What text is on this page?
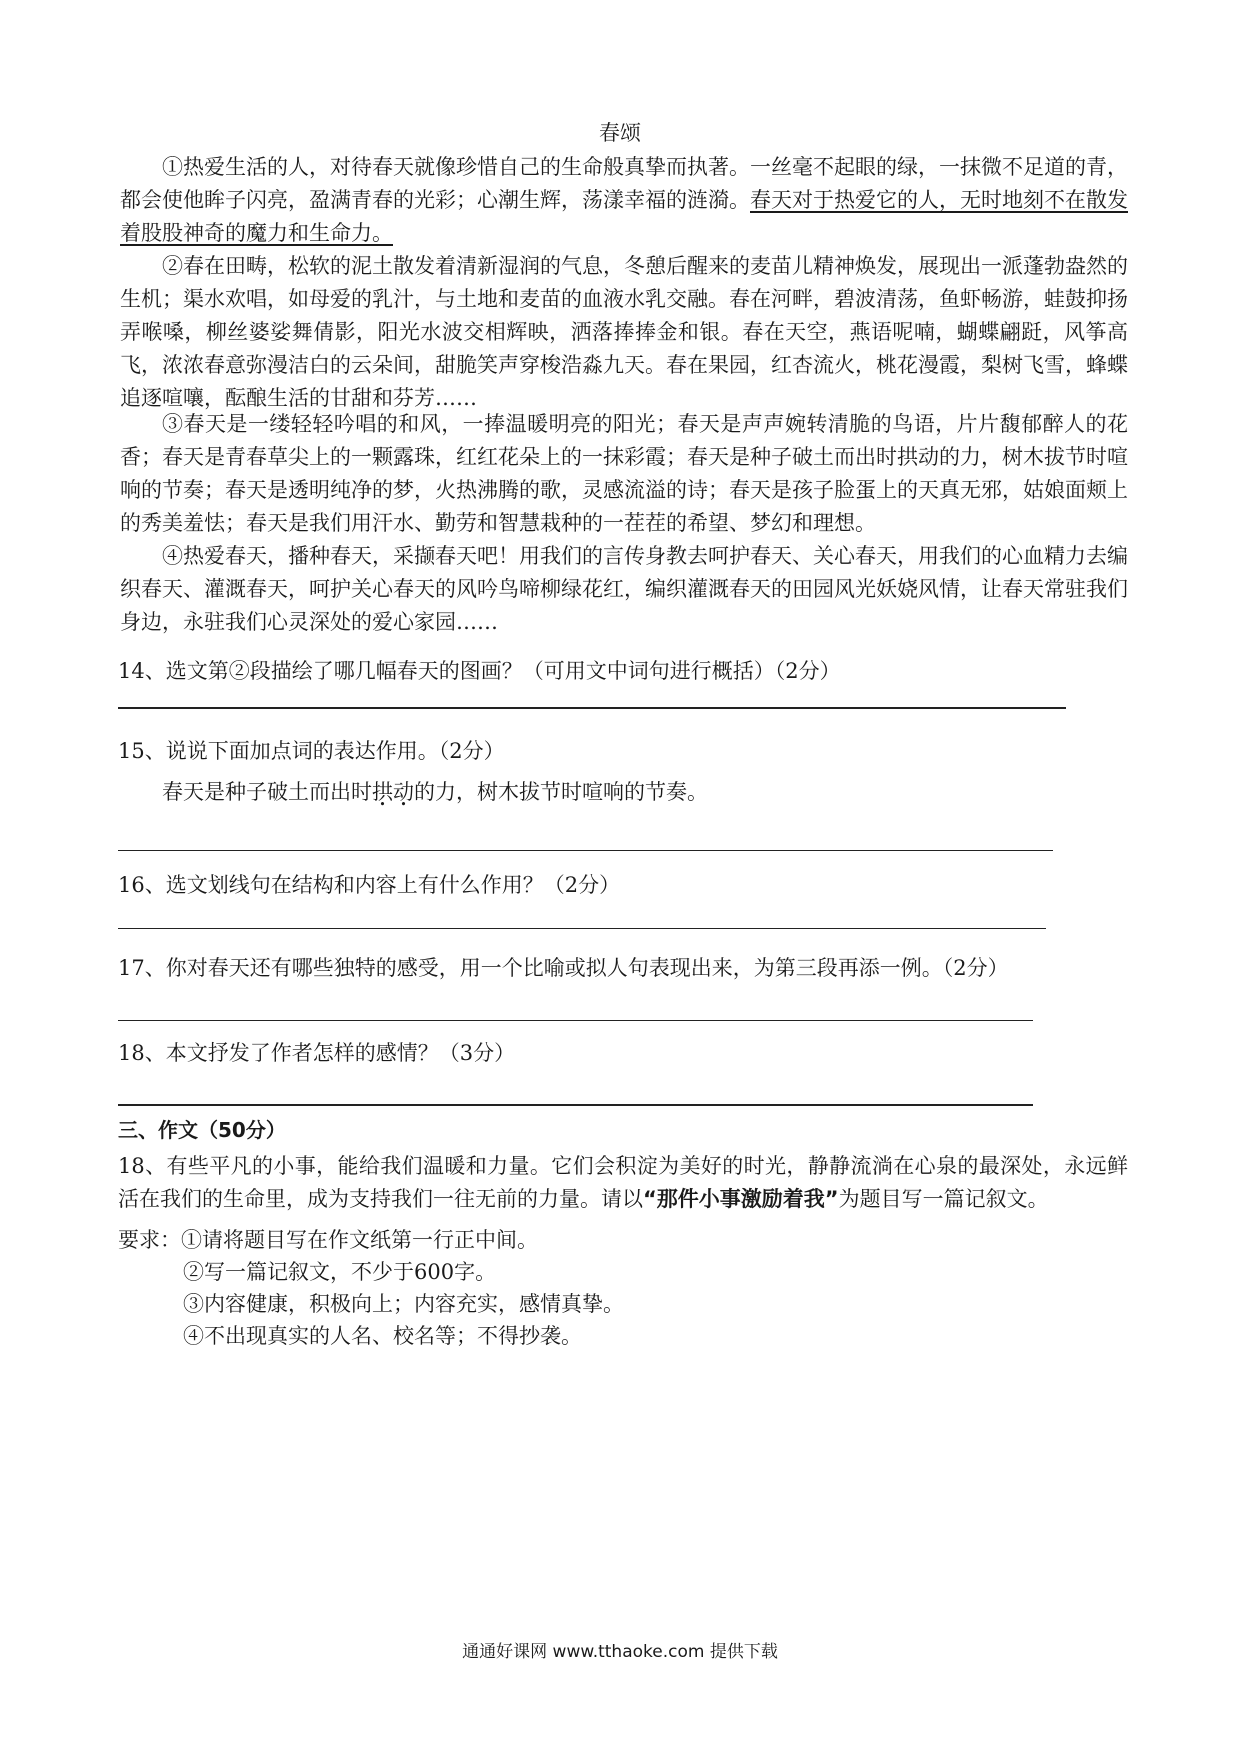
春颂

①热爱生活的人，对待春天就像珍惜自己的生命般真挚而执著。一丝毫不起眼的绿，一抹微不足道的青，都会使他眸子闪亮，盈满青春的光彩；心潮生辉，荡漾幸福的涟漪。春天对于热爱它的人，无时地刻不在散发着股股神奇的魔力和生命力。

②春在田畴，松软的泥土散发着清新湿润的气息，冬憩后醒来的麦苗儿精神焕发，展现出一派蓬勃盎然的生机；渠水欢唱，如母爱的乳汁，与土地和麦苗的血液水乳交融。春在河畔，碧波清荡，鱼虾畅游，蛙鼓抑扬弄喉嗓，柳丝婆娑舞倩影，阳光水波交相辉映，洒落捧捧金和银。春在天空，燕语呢喃，蝴蝶翩跹，风筝高飞，浓浓春意弥漫洁白的云朵间，甜脆笑声穿梭浩淼九天。春在果园，红杏流火，桃花漫霞，梨树飞雪，蜂蝶追逐喧嚷，酝酿生活的甘甜和芬芳……

③春天是一缕轻轻吟唱的和风，一捧温暖明亮的阳光；春天是声声婉转清脆的鸟语，片片馥郁醉人的花香；春天是青春草尖上的一颗露珠，红红花朵上的一抹彩霞；春天是种子破土而出时拱动的力，树木拔节时喧响的节奏；春天是透明纯净的梦，火热沸腾的歌，灵感流溢的诗；春天是孩子脸蛋上的天真无邪，姑娘面颊上的秀美羞怯；春天是我们用汗水、勤劳和智慧栽种的一茬茬的希望、梦幻和理想。

④热爱春天，播种春天，采撷春天吧！用我们的言传身教去呵护春天、关心春天，用我们的心血精力去编织春天、灌溉春天，呵护关心春天的风吟鸟啼柳绿花红，编织灌溉春天的田园风光妖娆风情，让春天常驻我们身边，永驻我们心灵深处的爱心家园……

14、选文第②段描绘了哪几幅春天的图画？（可用文中词句进行概括）（2分）

15、说说下面加点词的表达作用。（2分）

春天是种子破土而出时拱动的力，树木拔节时喧响的节奏。

16、选文划线句在结构和内容上有什么作用？（2分）

17、你对春天还有哪些独特的感受，用一个比喻或拟人句表现出来，为第三段再添一例。（2分）

18、本文抒发了作者怎样的感情？（3分）

三、作文（50分）

18、有些平凡的小事，能给我们温暖和力量。它们会积淀为美好的时光，静静流淌在心泉的最深处，永远鲜活在我们的生命里，成为支持我们一往无前的力量。请以“那件小事激励着我”为题目写一篇记叙文。

要求：①请将题目写在作文纸第一行正中间。

②写一篇记叙文，不少于600字。

③内容健康，积极向上；内容充实，感情真挚。

④不出现真实的人名、校名等；不得抄袭。

通通好课网 www.tthaoke.com 提供下载
